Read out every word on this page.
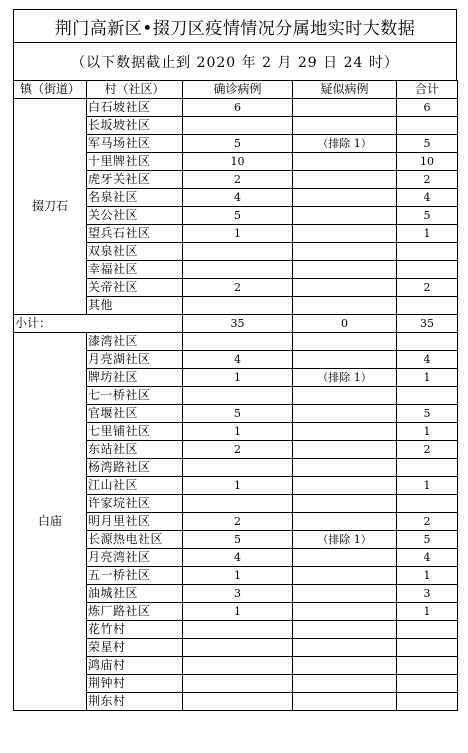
荆门高新区•掇刀区疫情情况分属地实时大数据
（以下数据截止到 2020 年 2 月 29 日 24 时）
镇（街道）	村（社区）	确诊病例	疑似病例	合计
掇刀石	白石坡社区	6		6
	长坂坡社区			
	军马场社区	5	（排除 1）	5
	十里牌社区	10		10
	虎牙关社区	2		2
	名泉社区	4		4
	关公社区	5		5
	望兵石社区	1		1
	双泉社区			
	幸福社区			
	关帝社区	2		2
	其他			
小计：		35	0	35
白庙	漆湾社区			
	月亮湖社区	4		4
	牌坊社区	1	（排除 1）	1
	七一桥社区			
	官堰社区	5		5
	七里铺社区	1		1
	东站社区	2		2
	杨湾路社区			
	江山社区	1		1
	许家垸社区			
	明月里社区	2		2
	长源热电社区	5	（排除 1）	5
	月亮湾社区	4		4
	五一桥社区	1		1
	油城社区	3		3
	炼厂路社区	1		1
	花竹村			
	荣星村			
	鸿庙村			
	荆钟村			
	荆东村			
